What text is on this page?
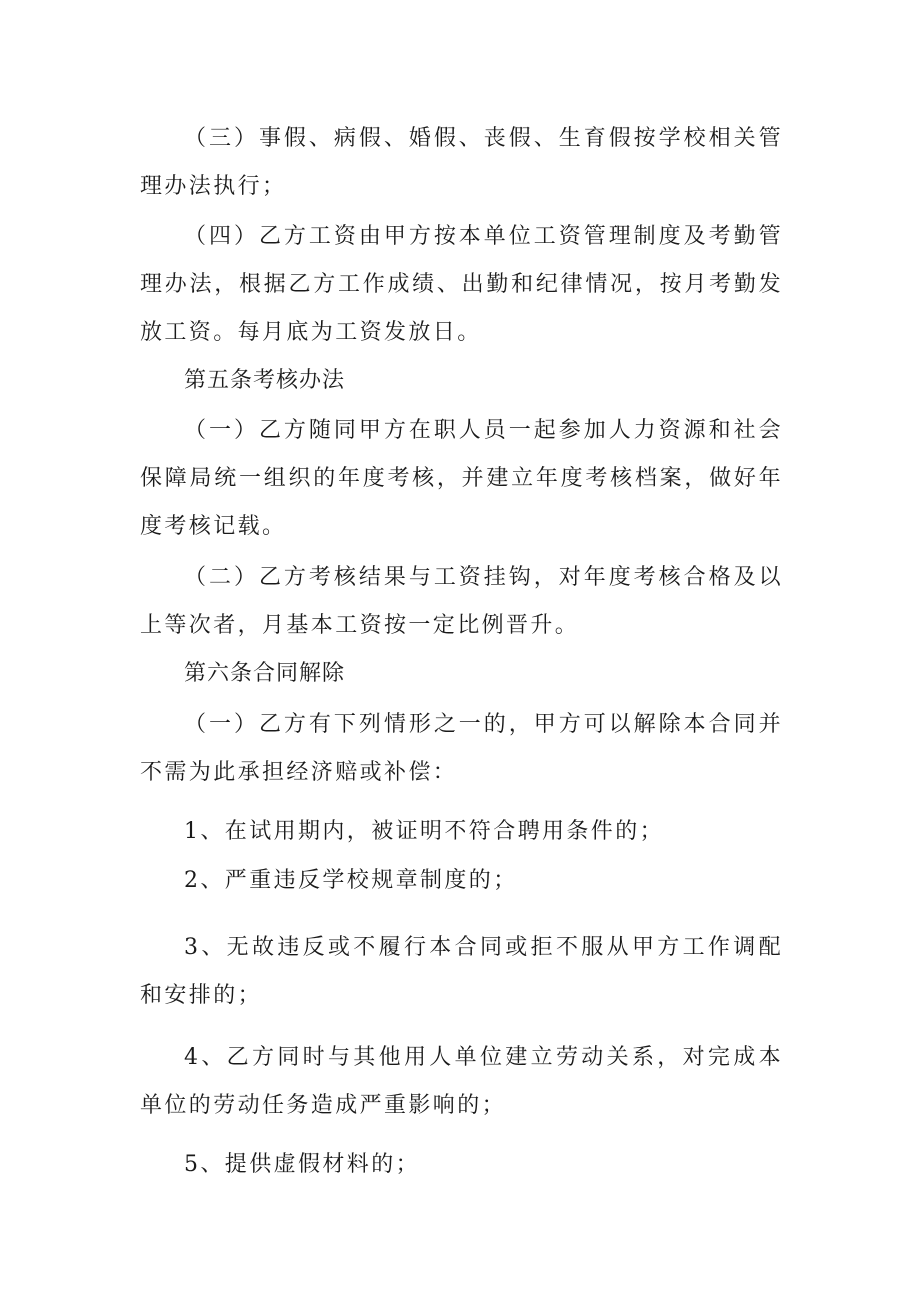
（三）事假、病假、婚假、丧假、生育假按学校相关管理办法执行；

（四）乙方工资由甲方按本单位工资管理制度及考勤管理办法，根据乙方工作成绩、出勤和纪律情况，按月考勤发放工资。每月底为工资发放日。

第五条考核办法

（一）乙方随同甲方在职人员一起参加人力资源和社会保障局统一组织的年度考核，并建立年度考核档案，做好年度考核记载。

（二）乙方考核结果与工资挂钩，对年度考核合格及以上等次者，月基本工资按一定比例晋升。

第六条合同解除

（一）乙方有下列情形之一的，甲方可以解除本合同并不需为此承担经济赔或补偿：

1、在试用期内，被证明不符合聘用条件的；

2、严重违反学校规章制度的；

3、无故违反或不履行本合同或拒不服从甲方工作调配和安排的；

4、乙方同时与其他用人单位建立劳动关系，对完成本单位的劳动任务造成严重影响的；

5、提供虚假材料的；
